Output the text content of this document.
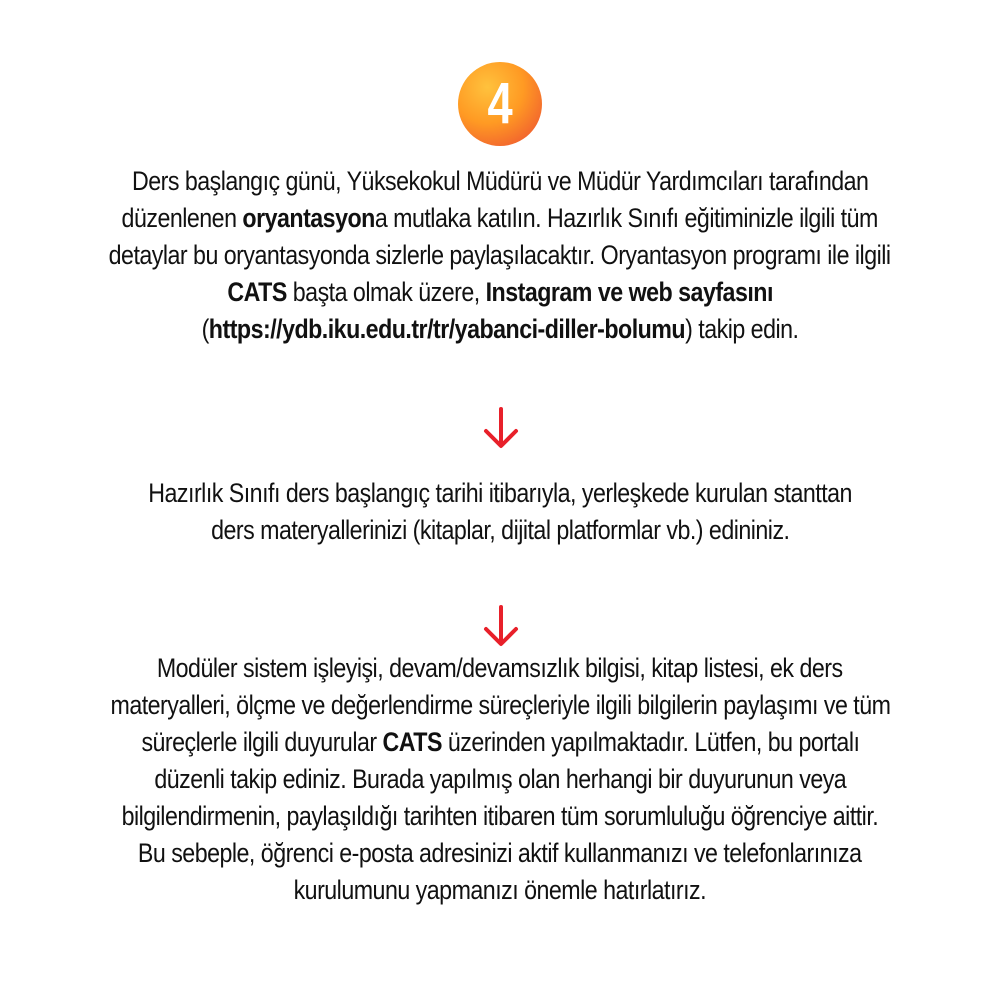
4

Ders başlangıç günü, Yüksekokul Müdürü ve Müdür Yardımcıları tarafından

düzenlenen oryantasyona mutlaka katılın. Hazırlık Sınıfı eğitiminizle ilgili tüm

detaylar bu oryantasyonda sizlerle paylaşılacaktır. Oryantasyon programı ile ilgili

CATS başta olmak üzere, Instagram ve web sayfasını

(https://ydb.iku.edu.tr/tr/yabanci-diller-bolumu) takip edin.

Hazırlık Sınıfı ders başlangıç tarihi itibarıyla, yerleşkede kurulan stanttan

ders materyallerinizi (kitaplar, dijital platformlar vb.) edininiz.

Modüler sistem işleyişi, devam/devamsızlık bilgisi, kitap listesi, ek ders

materyalleri, ölçme ve değerlendirme süreçleriyle ilgili bilgilerin paylaşımı ve tüm

süreçlerle ilgili duyurular CATS üzerinden yapılmaktadır. Lütfen, bu portalı

düzenli takip ediniz. Burada yapılmış olan herhangi bir duyurunun veya

bilgilendirmenin, paylaşıldığı tarihten itibaren tüm sorumluluğu öğrenciye aittir.

Bu sebeple, öğrenci e-posta adresinizi aktif kullanmanızı ve telefonlarınıza

kurulumunu yapmanızı önemle hatırlatırız.
